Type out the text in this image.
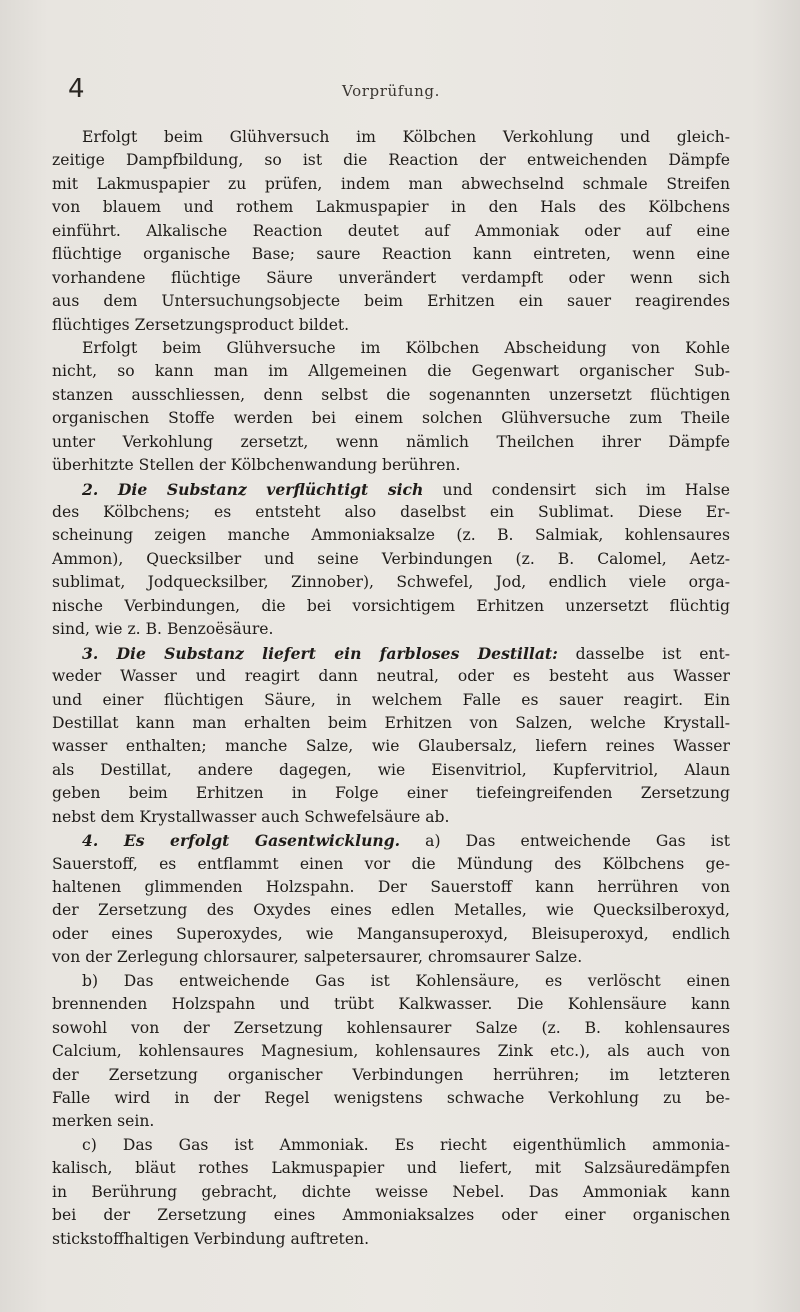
4	Vorprüfung.
Erfolgt beim Glühversuch im Kölbchen Verkohlung und gleich-
zeitige Dampfbildung, so ist die Reaction der entweichenden Dämpfe
mit Lakmuspapier zu prüfen, indem man abwechselnd schmale Streifen
von blauem und rothem Lakmuspapier in den Hals des Kölbchens
einführt. Alkalische Reaction deutet auf Ammoniak oder auf eine
flüchtige organische Base; saure Reaction kann eintreten, wenn eine
vorhandene flüchtige Säure unverändert verdampft oder wenn sich
aus dem Untersuchungsobjecte beim Erhitzen ein sauer reagirendes
flüchtiges Zersetzungsproduct bildet.
Erfolgt beim Glühversuche im Kölbchen Abscheidung von Kohle
nicht, so kann man im Allgemeinen die Gegenwart organischer Sub-
stanzen ausschliessen, denn selbst die sogenannten unzersetzt flüchtigen
organischen Stoffe werden bei einem solchen Glühversuche zum Theile
unter Verkohlung zersetzt, wenn nämlich Theilchen ihrer Dämpfe
überhitzte Stellen der Kölbchenwandung berühren.
2. Die Substanz verflüchtigt sich und condensirt sich im Halse
des Kölbchens; es entsteht also daselbst ein Sublimat. Diese Er-
scheinung zeigen manche Ammoniaksalze (z. B. Salmiak, kohlensaures
Ammon), Quecksilber und seine Verbindungen (z. B. Calomel, Aetz-
sublimat, Jodquecksilber, Zinnober), Schwefel, Jod, endlich viele orga-
nische Verbindungen, die bei vorsichtigem Erhitzen unzersetzt flüchtig
sind, wie z. B. Benzoësäure.
3. Die Substanz liefert ein farbloses Destillat: dasselbe ist ent-
weder Wasser und reagirt dann neutral, oder es besteht aus Wasser
und einer flüchtigen Säure, in welchem Falle es sauer reagirt. Ein
Destillat kann man erhalten beim Erhitzen von Salzen, welche Krystall-
wasser enthalten; manche Salze, wie Glaubersalz, liefern reines Wasser
als Destillat, andere dagegen, wie Eisenvitriol, Kupfervitriol, Alaun
geben beim Erhitzen in Folge einer tiefeingreifenden Zersetzung
nebst dem Krystallwasser auch Schwefelsäure ab.
4. Es erfolgt Gasentwicklung. a) Das entweichende Gas ist
Sauerstoff, es entflammt einen vor die Mündung des Kölbchens ge-
haltenen glimmenden Holzspahn. Der Sauerstoff kann herrühren von
der Zersetzung des Oxydes eines edlen Metalles, wie Quecksilberoxyd,
oder eines Superoxydes, wie Mangansuperoxyd, Bleisuperoxyd, endlich
von der Zerlegung chlorsaurer, salpetersaurer, chromsaurer Salze.
b) Das entweichende Gas ist Kohlensäure, es verlöscht einen
brennenden Holzspahn und trübt Kalkwasser. Die Kohlensäure kann
sowohl von der Zersetzung kohlensaurer Salze (z. B. kohlensaures
Calcium, kohlensaures Magnesium, kohlensaures Zink etc.), als auch von
der Zersetzung organischer Verbindungen herrühren; im letzteren
Falle wird in der Regel wenigstens schwache Verkohlung zu be-
merken sein.
c) Das Gas ist Ammoniak. Es riecht eigenthümlich ammonia-
kalisch, bläut rothes Lakmuspapier und liefert, mit Salzsäuredämpfen
in Berührung gebracht, dichte weisse Nebel. Das Ammoniak kann
bei der Zersetzung eines Ammoniaksalzes oder einer organischen
stickstoffhaltigen Verbindung auftreten.
